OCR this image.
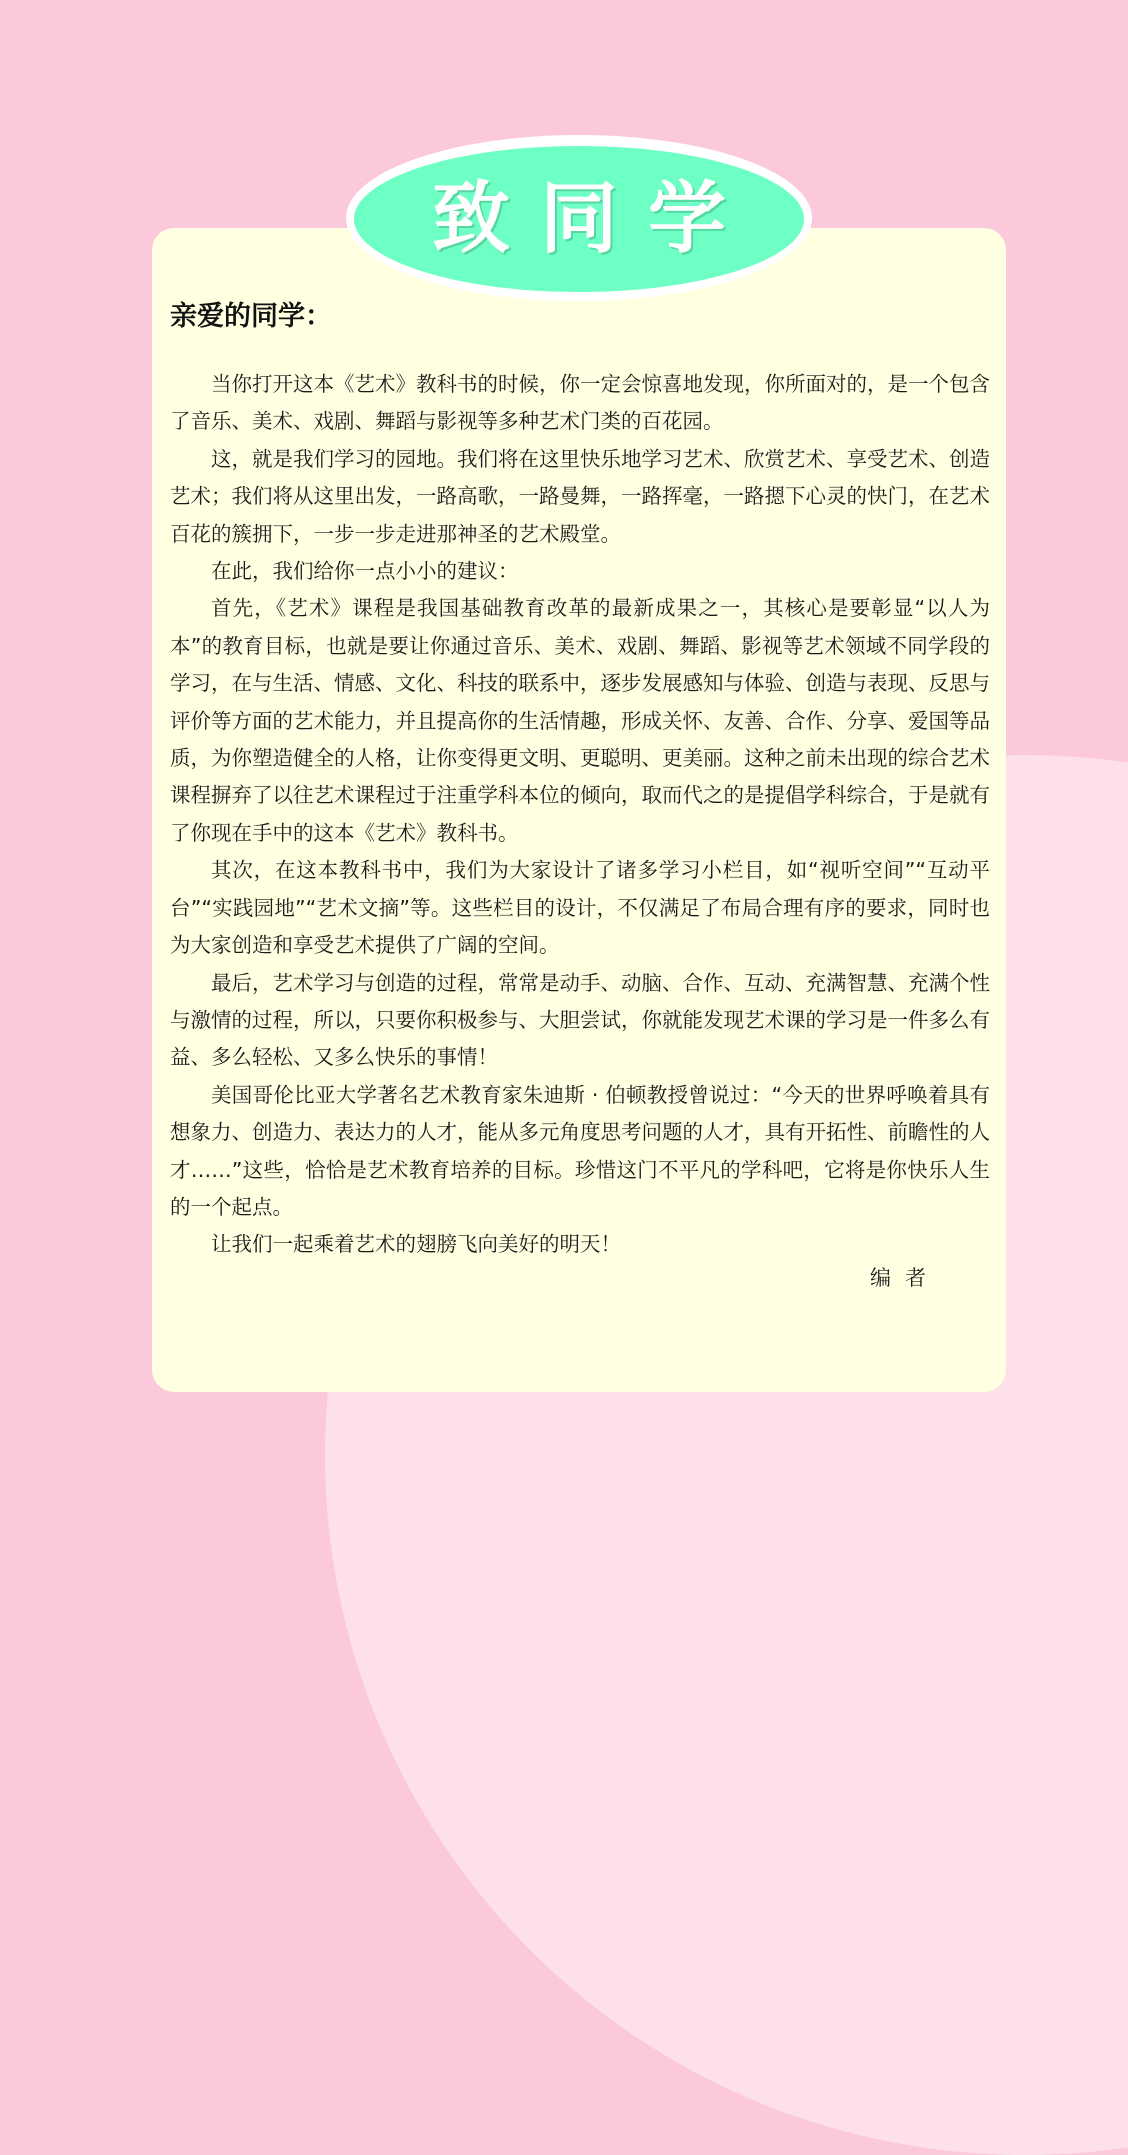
致同学
亲爱的同学：

当你打开这本《艺术》教科书的时候，你一定会惊喜地发现，你所面对的，是一个包含了音乐、美术、戏剧、舞蹈与影视等多种艺术门类的百花园。

这，就是我们学习的园地。我们将在这里快乐地学习艺术、欣赏艺术、享受艺术、创造艺术；我们将从这里出发，一路高歌，一路曼舞，一路挥毫，一路摁下心灵的快门，在艺术百花的簇拥下，一步一步走进那神圣的艺术殿堂。

在此，我们给你一点小小的建议：

首先，《艺术》课程是我国基础教育改革的最新成果之一，其核心是要彰显“以人为本”的教育目标，也就是要让你通过音乐、美术、戏剧、舞蹈、影视等艺术领域不同学段的学习，在与生活、情感、文化、科技的联系中，逐步发展感知与体验、创造与表现、反思与评价等方面的艺术能力，并且提高你的生活情趣，形成关怀、友善、合作、分享、爱国等品质，为你塑造健全的人格，让你变得更文明、更聪明、更美丽。这种之前未出现的综合艺术课程摒弃了以往艺术课程过于注重学科本位的倾向，取而代之的是提倡学科综合，于是就有了你现在手中的这本《艺术》教科书。

其次，在这本教科书中，我们为大家设计了诸多学习小栏目，如“视听空间”“互动平台”“实践园地”“艺术文摘”等。这些栏目的设计，不仅满足了布局合理有序的要求，同时也为大家创造和享受艺术提供了广阔的空间。

最后，艺术学习与创造的过程，常常是动手、动脑、合作、互动、充满智慧、充满个性与激情的过程，所以，只要你积极参与、大胆尝试，你就能发现艺术课的学习是一件多么有益、多么轻松、又多么快乐的事情！

美国哥伦比亚大学著名艺术教育家朱迪斯 · 伯顿教授曾说过：“今天的世界呼唤着具有想象力、创造力、表达力的人才，能从多元角度思考问题的人才，具有开拓性、前瞻性的人才……”这些，恰恰是艺术教育培养的目标。珍惜这门不平凡的学科吧，它将是你快乐人生的一个起点。

让我们一起乘着艺术的翅膀飞向美好的明天！

编者
